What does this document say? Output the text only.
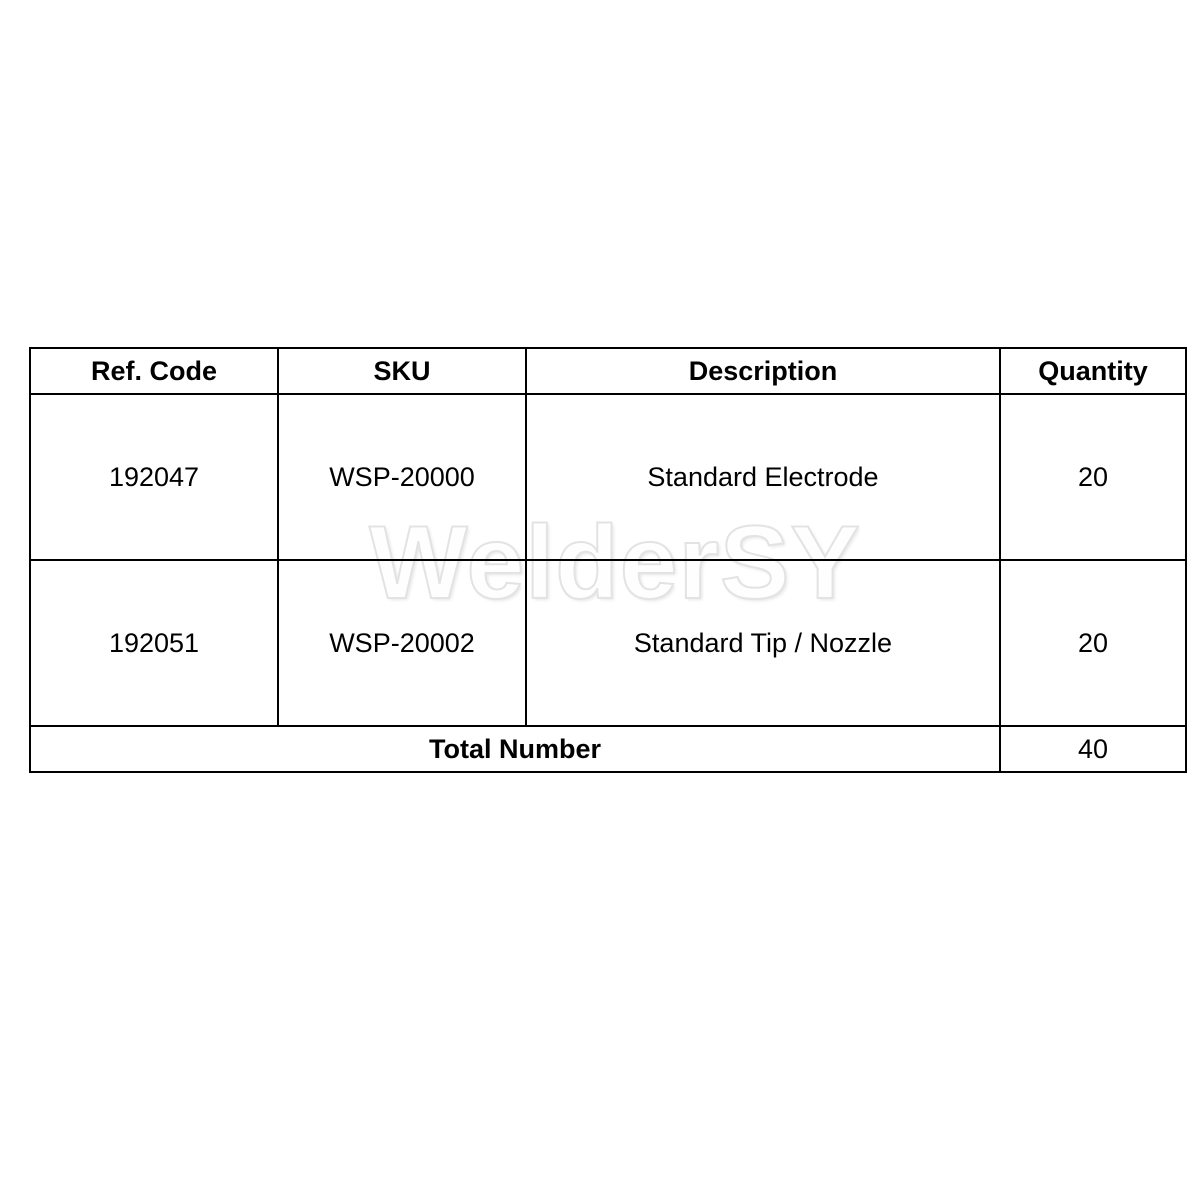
WelderSY
Ref. Code	SKU	Description	Quantity
192047	WSP-20000	Standard Electrode	20
192051	WSP-20002	Standard Tip / Nozzle	20
Total Number			40
